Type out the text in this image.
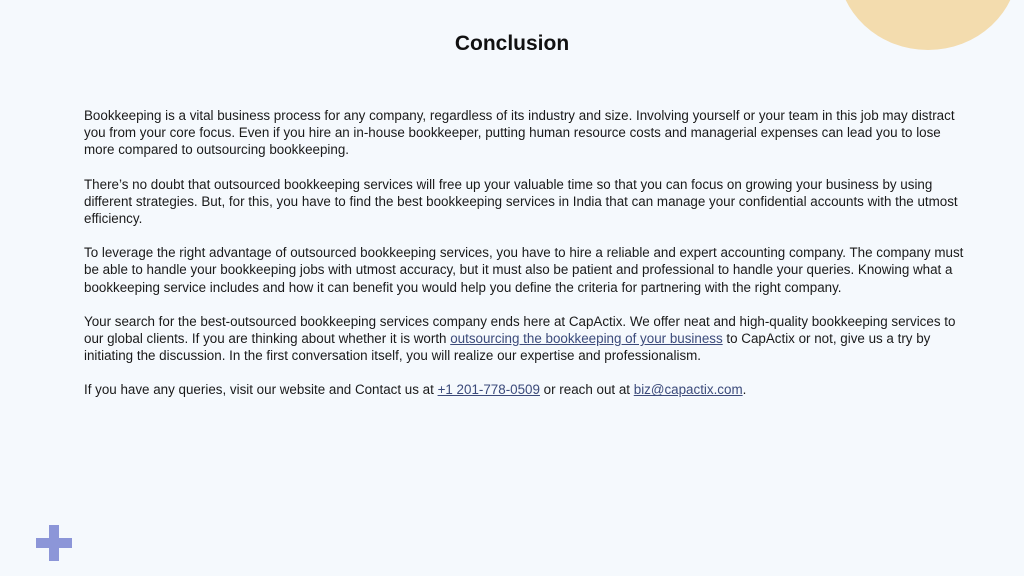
Conclusion

Bookkeeping is a vital business process for any company, regardless of its industry and size. Involving yourself or your team in this job may distract you from your core focus. Even if you hire an in-house bookkeeper, putting human resource costs and managerial expenses can lead you to lose more compared to outsourcing bookkeeping.

There’s no doubt that outsourced bookkeeping services will free up your valuable time so that you can focus on growing your business by using different strategies. But, for this, you have to find the best bookkeeping services in India that can manage your confidential accounts with the utmost efficiency.

To leverage the right advantage of outsourced bookkeeping services, you have to hire a reliable and expert accounting company. The company must be able to handle your bookkeeping jobs with utmost accuracy, but it must also be patient and professional to handle your queries. Knowing what a bookkeeping service includes and how it can benefit you would help you define the criteria for partnering with the right company.

Your search for the best-outsourced bookkeeping services company ends here at CapActix. We offer neat and high-quality bookkeeping services to our global clients. If you are thinking about whether it is worth outsourcing the bookkeeping of your business to CapActix or not, give us a try by initiating the discussion. In the first conversation itself, you will realize our expertise and professionalism.

If you have any queries, visit our website and Contact us at +1 201-778-0509 or reach out at biz@capactix.com.
